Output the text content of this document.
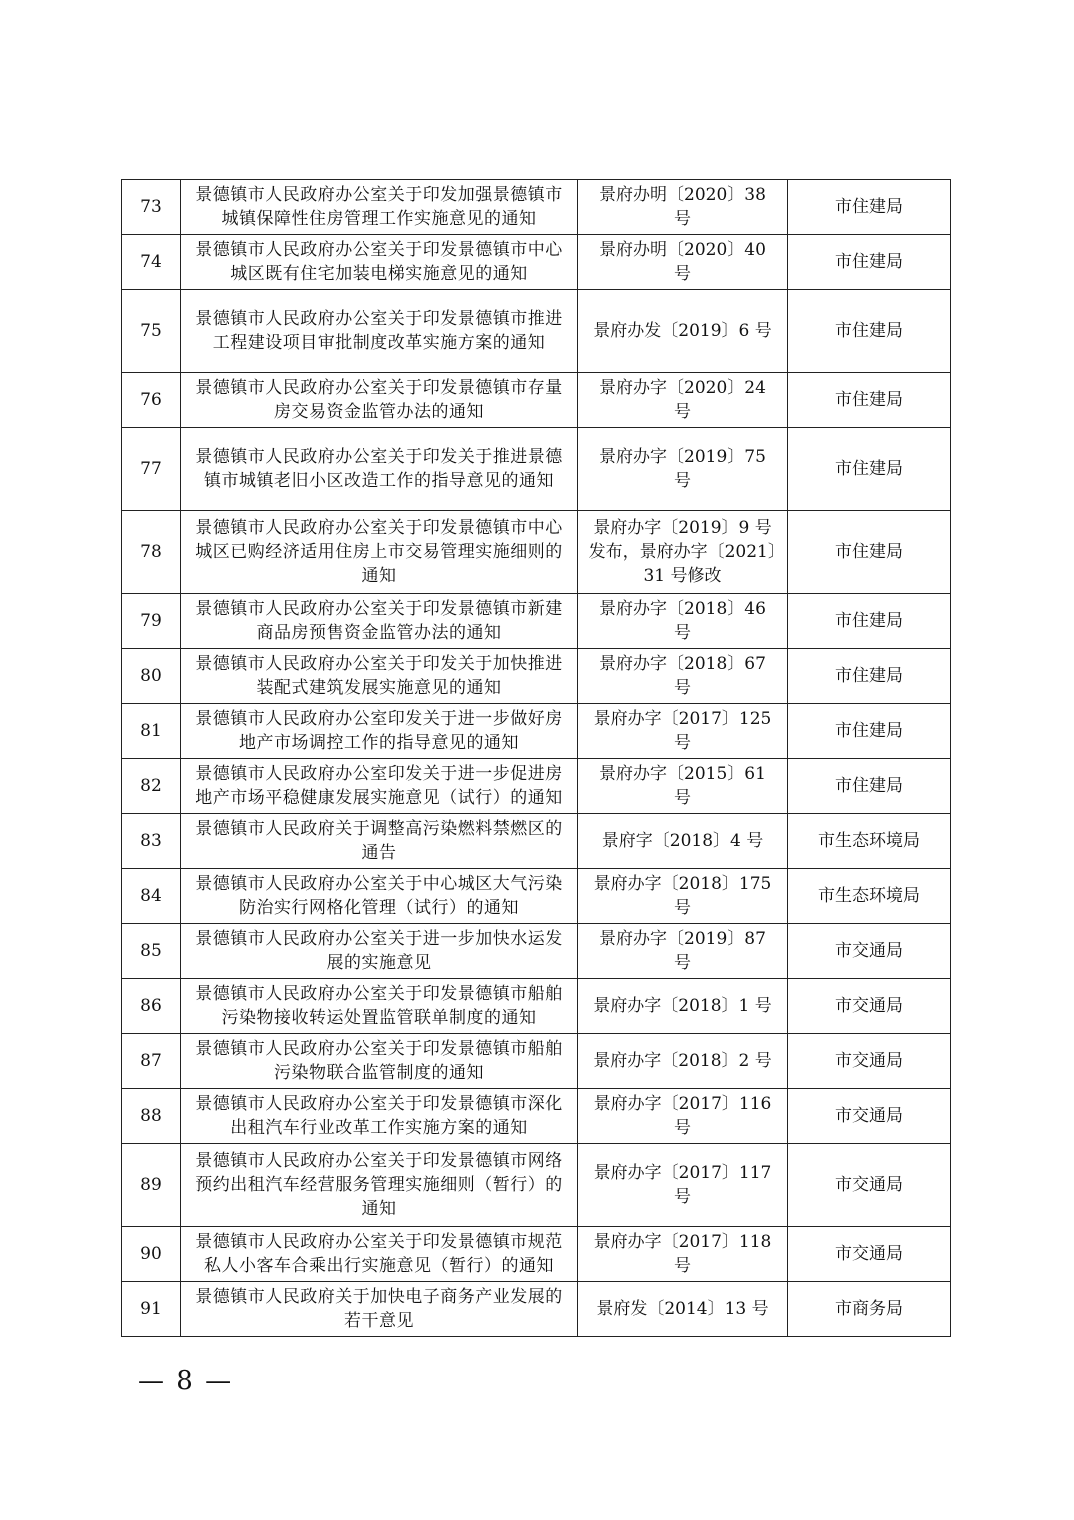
73	景德镇市人民政府办公室关于印发加强景德镇市城镇保障性住房管理工作实施意见的通知	景府办明〔2020〕38 号	市住建局
74	景德镇市人民政府办公室关于印发景德镇市中心城区既有住宅加装电梯实施意见的通知	景府办明〔2020〕40 号	市住建局
75	景德镇市人民政府办公室关于印发景德镇市推进工程建设项目审批制度改革实施方案的通知	景府办发〔2019〕6 号	市住建局
76	景德镇市人民政府办公室关于印发景德镇市存量房交易资金监管办法的通知	景府办字〔2020〕24 号	市住建局
77	景德镇市人民政府办公室关于印发关于推进景德镇市城镇老旧小区改造工作的指导意见的通知	景府办字〔2019〕75 号	市住建局
78	景德镇市人民政府办公室关于印发景德镇市中心城区已购经济适用住房上市交易管理实施细则的通知	景府办字〔2019〕9 号发布，景府办字〔2021〕31 号修改	市住建局
79	景德镇市人民政府办公室关于印发景德镇市新建商品房预售资金监管办法的通知	景府办字〔2018〕46 号	市住建局
80	景德镇市人民政府办公室关于印发关于加快推进装配式建筑发展实施意见的通知	景府办字〔2018〕67 号	市住建局
81	景德镇市人民政府办公室印发关于进一步做好房地产市场调控工作的指导意见的通知	景府办字〔2017〕125 号	市住建局
82	景德镇市人民政府办公室印发关于进一步促进房地产市场平稳健康发展实施意见（试行）的通知	景府办字〔2015〕61 号	市住建局
83	景德镇市人民政府关于调整高污染燃料禁燃区的通告	景府字〔2018〕4 号	市生态环境局
84	景德镇市人民政府办公室关于中心城区大气污染防治实行网格化管理（试行）的通知	景府办字〔2018〕175 号	市生态环境局
85	景德镇市人民政府办公室关于进一步加快水运发展的实施意见	景府办字〔2019〕87 号	市交通局
86	景德镇市人民政府办公室关于印发景德镇市船舶污染物接收转运处置监管联单制度的通知	景府办字〔2018〕1 号	市交通局
87	景德镇市人民政府办公室关于印发景德镇市船舶污染物联合监管制度的通知	景府办字〔2018〕2 号	市交通局
88	景德镇市人民政府办公室关于印发景德镇市深化出租汽车行业改革工作实施方案的通知	景府办字〔2017〕116 号	市交通局
89	景德镇市人民政府办公室关于印发景德镇市网络预约出租汽车经营服务管理实施细则（暂行）的通知	景府办字〔2017〕117 号	市交通局
90	景德镇市人民政府办公室关于印发景德镇市规范私人小客车合乘出行实施意见（暂行）的通知	景府办字〔2017〕118 号	市交通局
91	景德镇市人民政府关于加快电子商务产业发展的若干意见	景府发〔2014〕13 号	市商务局
— 8 —
